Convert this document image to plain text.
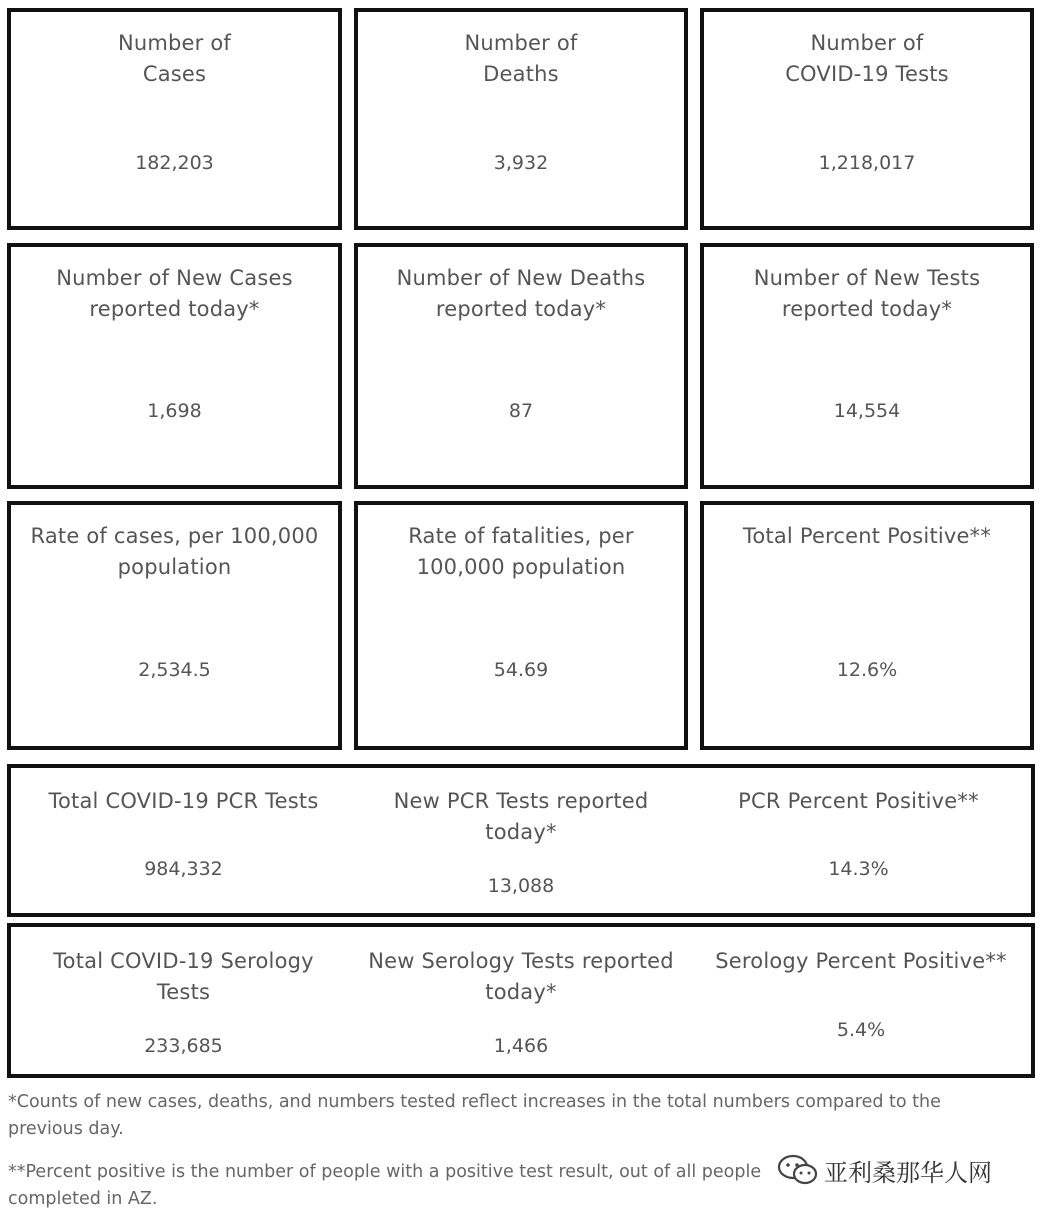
Number of
Cases
182,203
Number of
Deaths
3,932
Number of
COVID-19 Tests
1,218,017
Number of New Cases
reported today*
1,698
Number of New Deaths
reported today*
87
Number of New Tests
reported today*
14,554
Rate of cases, per 100,000
population
2,534.5
Rate of fatalities, per
100,000 population
54.69
Total Percent Positive**
12.6%
Total COVID-19 PCR Tests
984,332
New PCR Tests reported
today*
13,088
PCR Percent Positive**
14.3%
Total COVID-19 Serology
Tests
233,685
New Serology Tests reported
today*
1,466
Serology Percent Positive**
5.4%
*Counts of new cases, deaths, and numbers tested reflect increases in the total numbers compared to the
previous day.
**Percent positive is the number of people with a positive test result, out of all people
completed in AZ.
亚利桑那华人网
